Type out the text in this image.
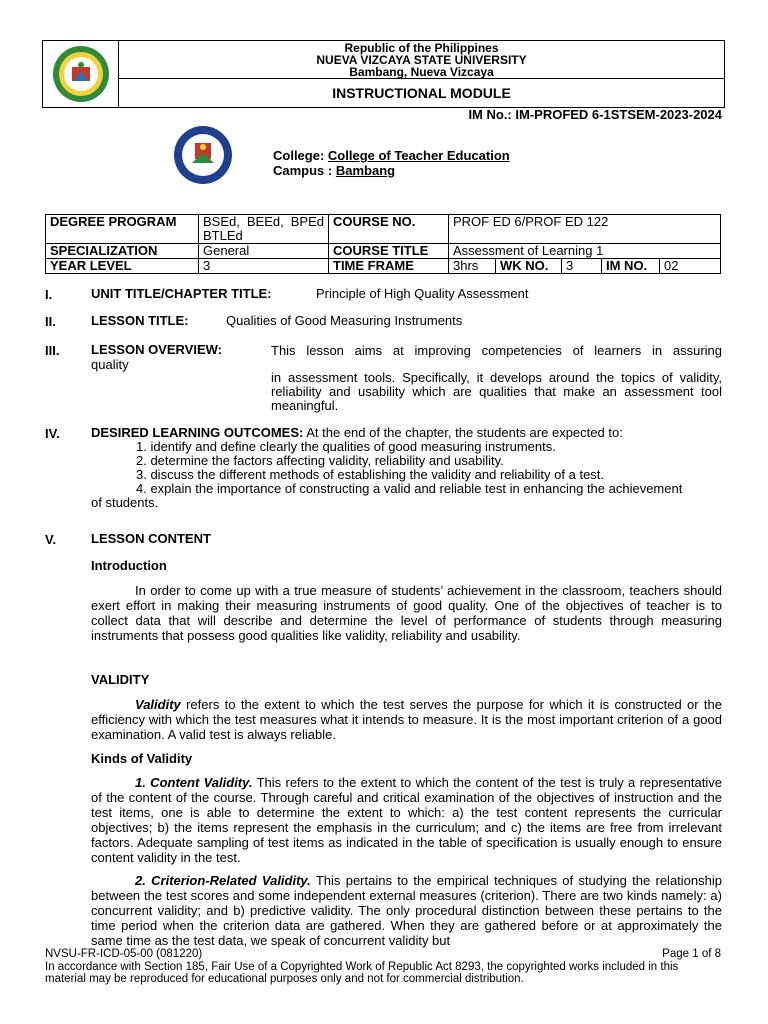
Republic of the Philippines
NUEVA VIZCAYA STATE UNIVERSITY
Bambang, Nueva Vizcaya
INSTRUCTIONAL MODULE
IM No.: IM-PROFED 6-1STSEM-2023-2024
College: College of Teacher Education
Campus : Bambang
DEGREE PROGRAM	BSEd, BEEd, BPEd BTLEd	COURSE NO.	PROF ED 6/PROF ED 122				
SPECIALIZATION	General	COURSE TITLE	Assessment of Learning 1				
YEAR LEVEL	3	TIME FRAME	3hrs	WK NO.	3	IM NO.	02
I.	UNIT TITLE/CHAPTER TITLE:	Principle of High Quality Assessment
II.	LESSON TITLE:	Qualities of Good Measuring Instruments
III. LESSON OVERVIEW:	This lesson aims at improving competencies of learners in assuring
quality
in assessment tools. Specifically, it develops around the topics of validity, reliability and usability which are qualities that make an assessment tool meaningful.
IV. DESIRED LEARNING OUTCOMES: At the end of the chapter, the students are expected to:
1. identify and define clearly the qualities of good measuring instruments.
2. determine the factors affecting validity, reliability and usability.
3. discuss the different methods of establishing the validity and reliability of a test.
4. explain the importance of constructing a valid and reliable test in enhancing the achievement
of students.
V.	LESSON CONTENT
Introduction
In order to come up with a true measure of students’ achievement in the classroom, teachers should exert effort in making their measuring instruments of good quality. One of the objectives of teacher is to collect data that will describe and determine the level of performance of students through measuring instruments that possess good qualities like validity, reliability and usability.
VALIDITY
Validity refers to the extent to which the test serves the purpose for which it is constructed or the efficiency with which the test measures what it intends to measure. It is the most important criterion of a good examination. A valid test is always reliable.
Kinds of Validity
1. Content Validity. This refers to the extent to which the content of the test is truly a representative of the content of the course. Through careful and critical examination of the objectives of instruction and the test items, one is able to determine the extent to which: a) the test content represents the curricular objectives; b) the items represent the emphasis in the curriculum; and c) the items are free from irrelevant factors. Adequate sampling of test items as indicated in the table of specification is usually enough to ensure content validity in the test.
2. Criterion-Related Validity. This pertains to the empirical techniques of studying the relationship between the test scores and some independent external measures (criterion). There are two kinds namely: a) concurrent validity; and b) predictive validity. The only procedural distinction between these pertains to the time period when the criterion data are gathered. When they are gathered before or at approximately the same time as the test data, we speak of concurrent validity but
NVSU-FR-ICD-05-00 (081220)	Page 1 of 8
In accordance with Section 185, Fair Use of a Copyrighted Work of Republic Act 8293, the copyrighted works included in this material may be reproduced for educational purposes only and not for commercial distribution.
